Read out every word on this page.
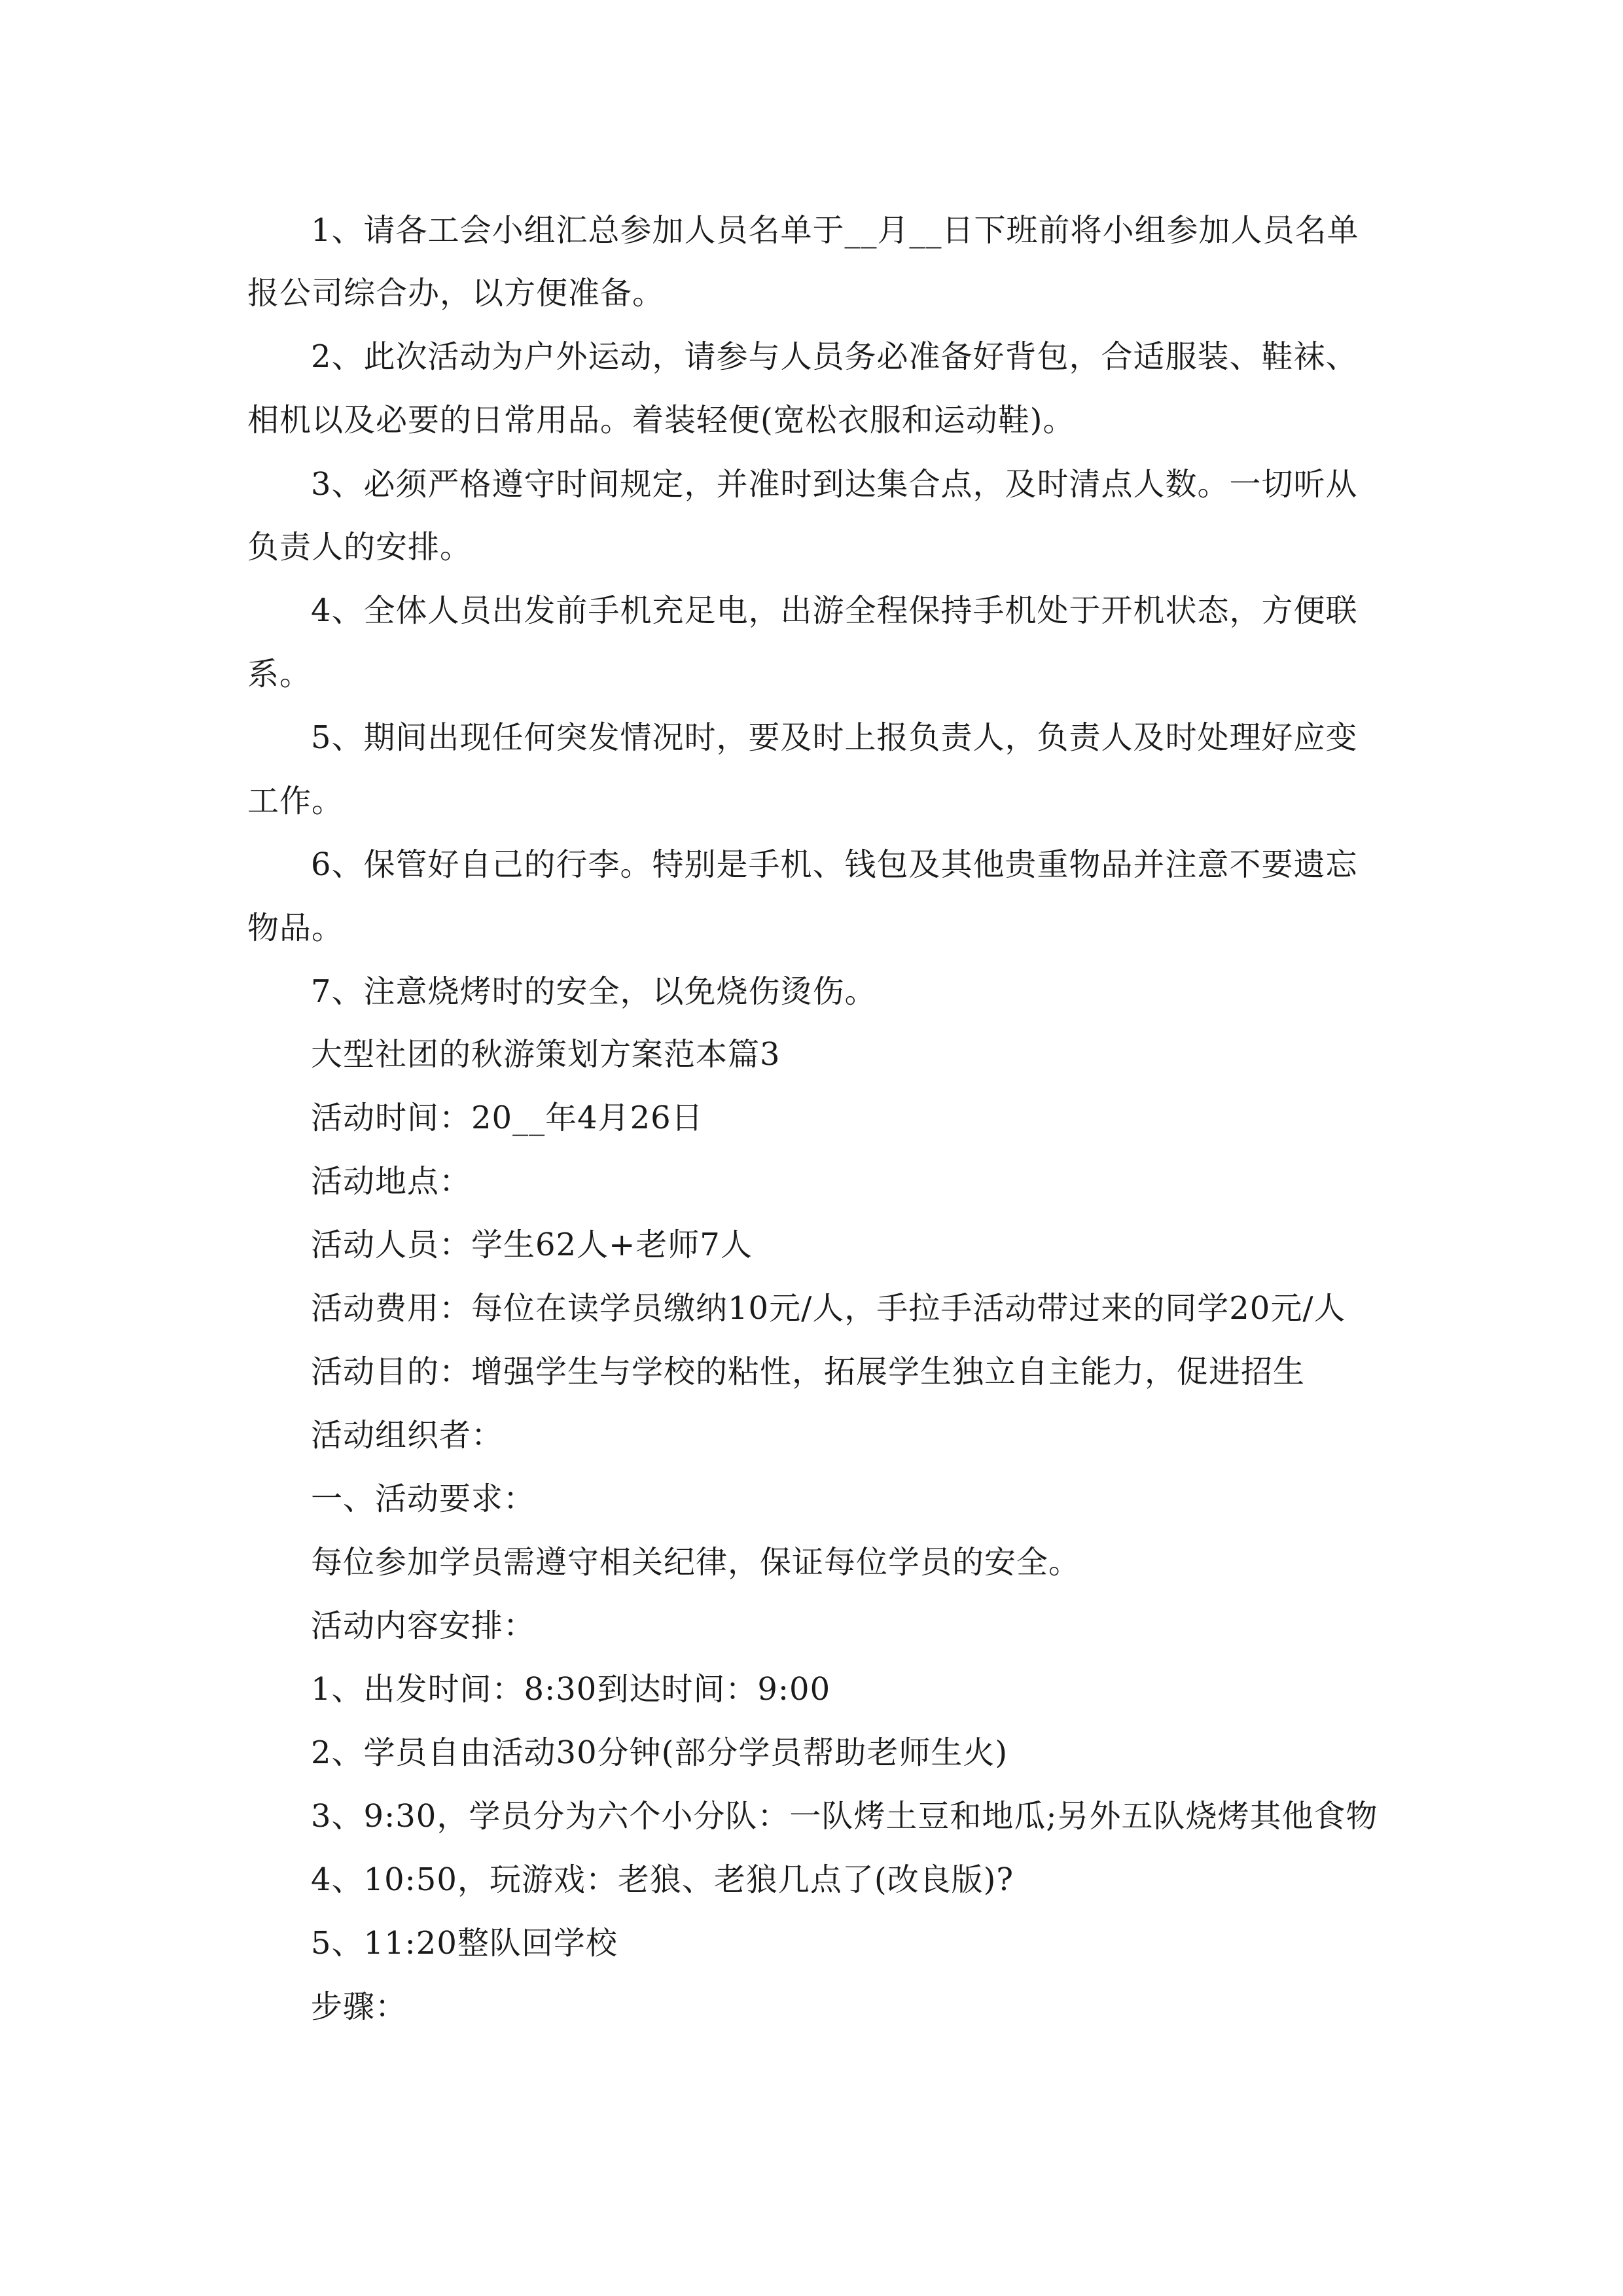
1、请各工会小组汇总参加人员名单于__月__日下班前将小组参加人员名单
报公司综合办，以方便准备。
2、此次活动为户外运动，请参与人员务必准备好背包，合适服装、鞋袜、
相机以及必要的日常用品。着装轻便(宽松衣服和运动鞋)。
3、必须严格遵守时间规定，并准时到达集合点，及时清点人数。一切听从
负责人的安排。
4、全体人员出发前手机充足电，出游全程保持手机处于开机状态，方便联
系。
5、期间出现任何突发情况时，要及时上报负责人，负责人及时处理好应变
工作。
6、保管好自己的行李。特别是手机、钱包及其他贵重物品并注意不要遗忘
物品。
7、注意烧烤时的安全，以免烧伤烫伤。
大型社团的秋游策划方案范本篇3
活动时间：20__年4月26日
活动地点：
活动人员：学生62人+老师7人
活动费用：每位在读学员缴纳10元/人，手拉手活动带过来的同学20元/人
活动目的：增强学生与学校的粘性，拓展学生独立自主能力，促进招生
活动组织者：
一、活动要求：
每位参加学员需遵守相关纪律，保证每位学员的安全。
活动内容安排：
1、出发时间：8:30到达时间：9:00
2、学员自由活动30分钟(部分学员帮助老师生火)
3、9:30，学员分为六个小分队：一队烤土豆和地瓜;另外五队烧烤其他食物
4、10:50，玩游戏：老狼、老狼几点了(改良版)?
5、11:20整队回学校
步骤：
